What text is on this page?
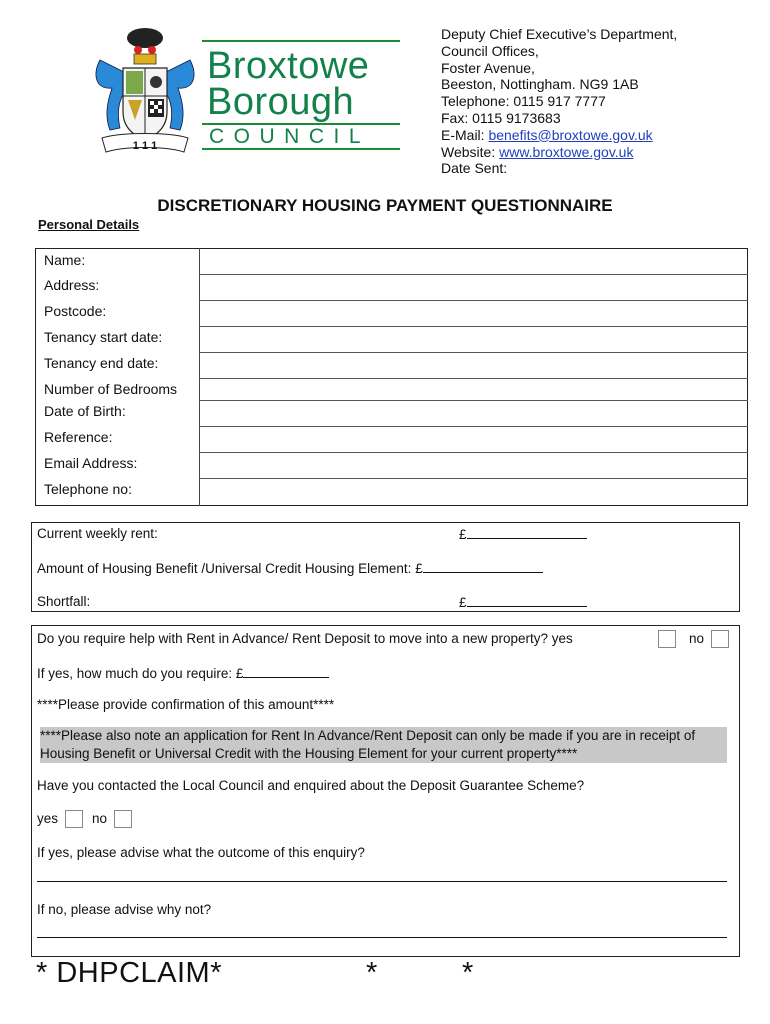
1 1 1
Broxtowe
Borough
COUNCIL
Deputy Chief Executive’s Department,
Council Offices,
Foster Avenue,
Beeston, Nottingham. NG9 1AB
Telephone: 0115 917 7777
Fax: 0115 9173683
E-Mail: benefits@broxtowe.gov.uk
Website: www.broxtowe.gov.uk
Date Sent:
DISCRETIONARY HOUSING PAYMENT QUESTIONNAIRE
Personal Details
Name:
Address:
Postcode:
Tenancy start date:
Tenancy end date:
Number of Bedrooms
Date of Birth:
Reference:
Email Address:
Telephone no:
Current weekly rent:	£
Amount of Housing Benefit /Universal Credit Housing Element: £
Shortfall:	£
Do you require help with Rent in Advance/ Rent Deposit to move into a new property? yes	no
If yes, how much do you require: £
****Please provide confirmation of this amount****
****Please also note an application for Rent In Advance/Rent Deposit can only be made if you are in receipt of Housing Benefit or Universal Credit with the Housing Element for your current property****
Have you contacted the Local Council and enquired about the Deposit Guarantee Scheme?
yes	no
If yes, please advise what the outcome of this enquiry?
If no, please advise why not?
* DHPCLAIM*	*	*
